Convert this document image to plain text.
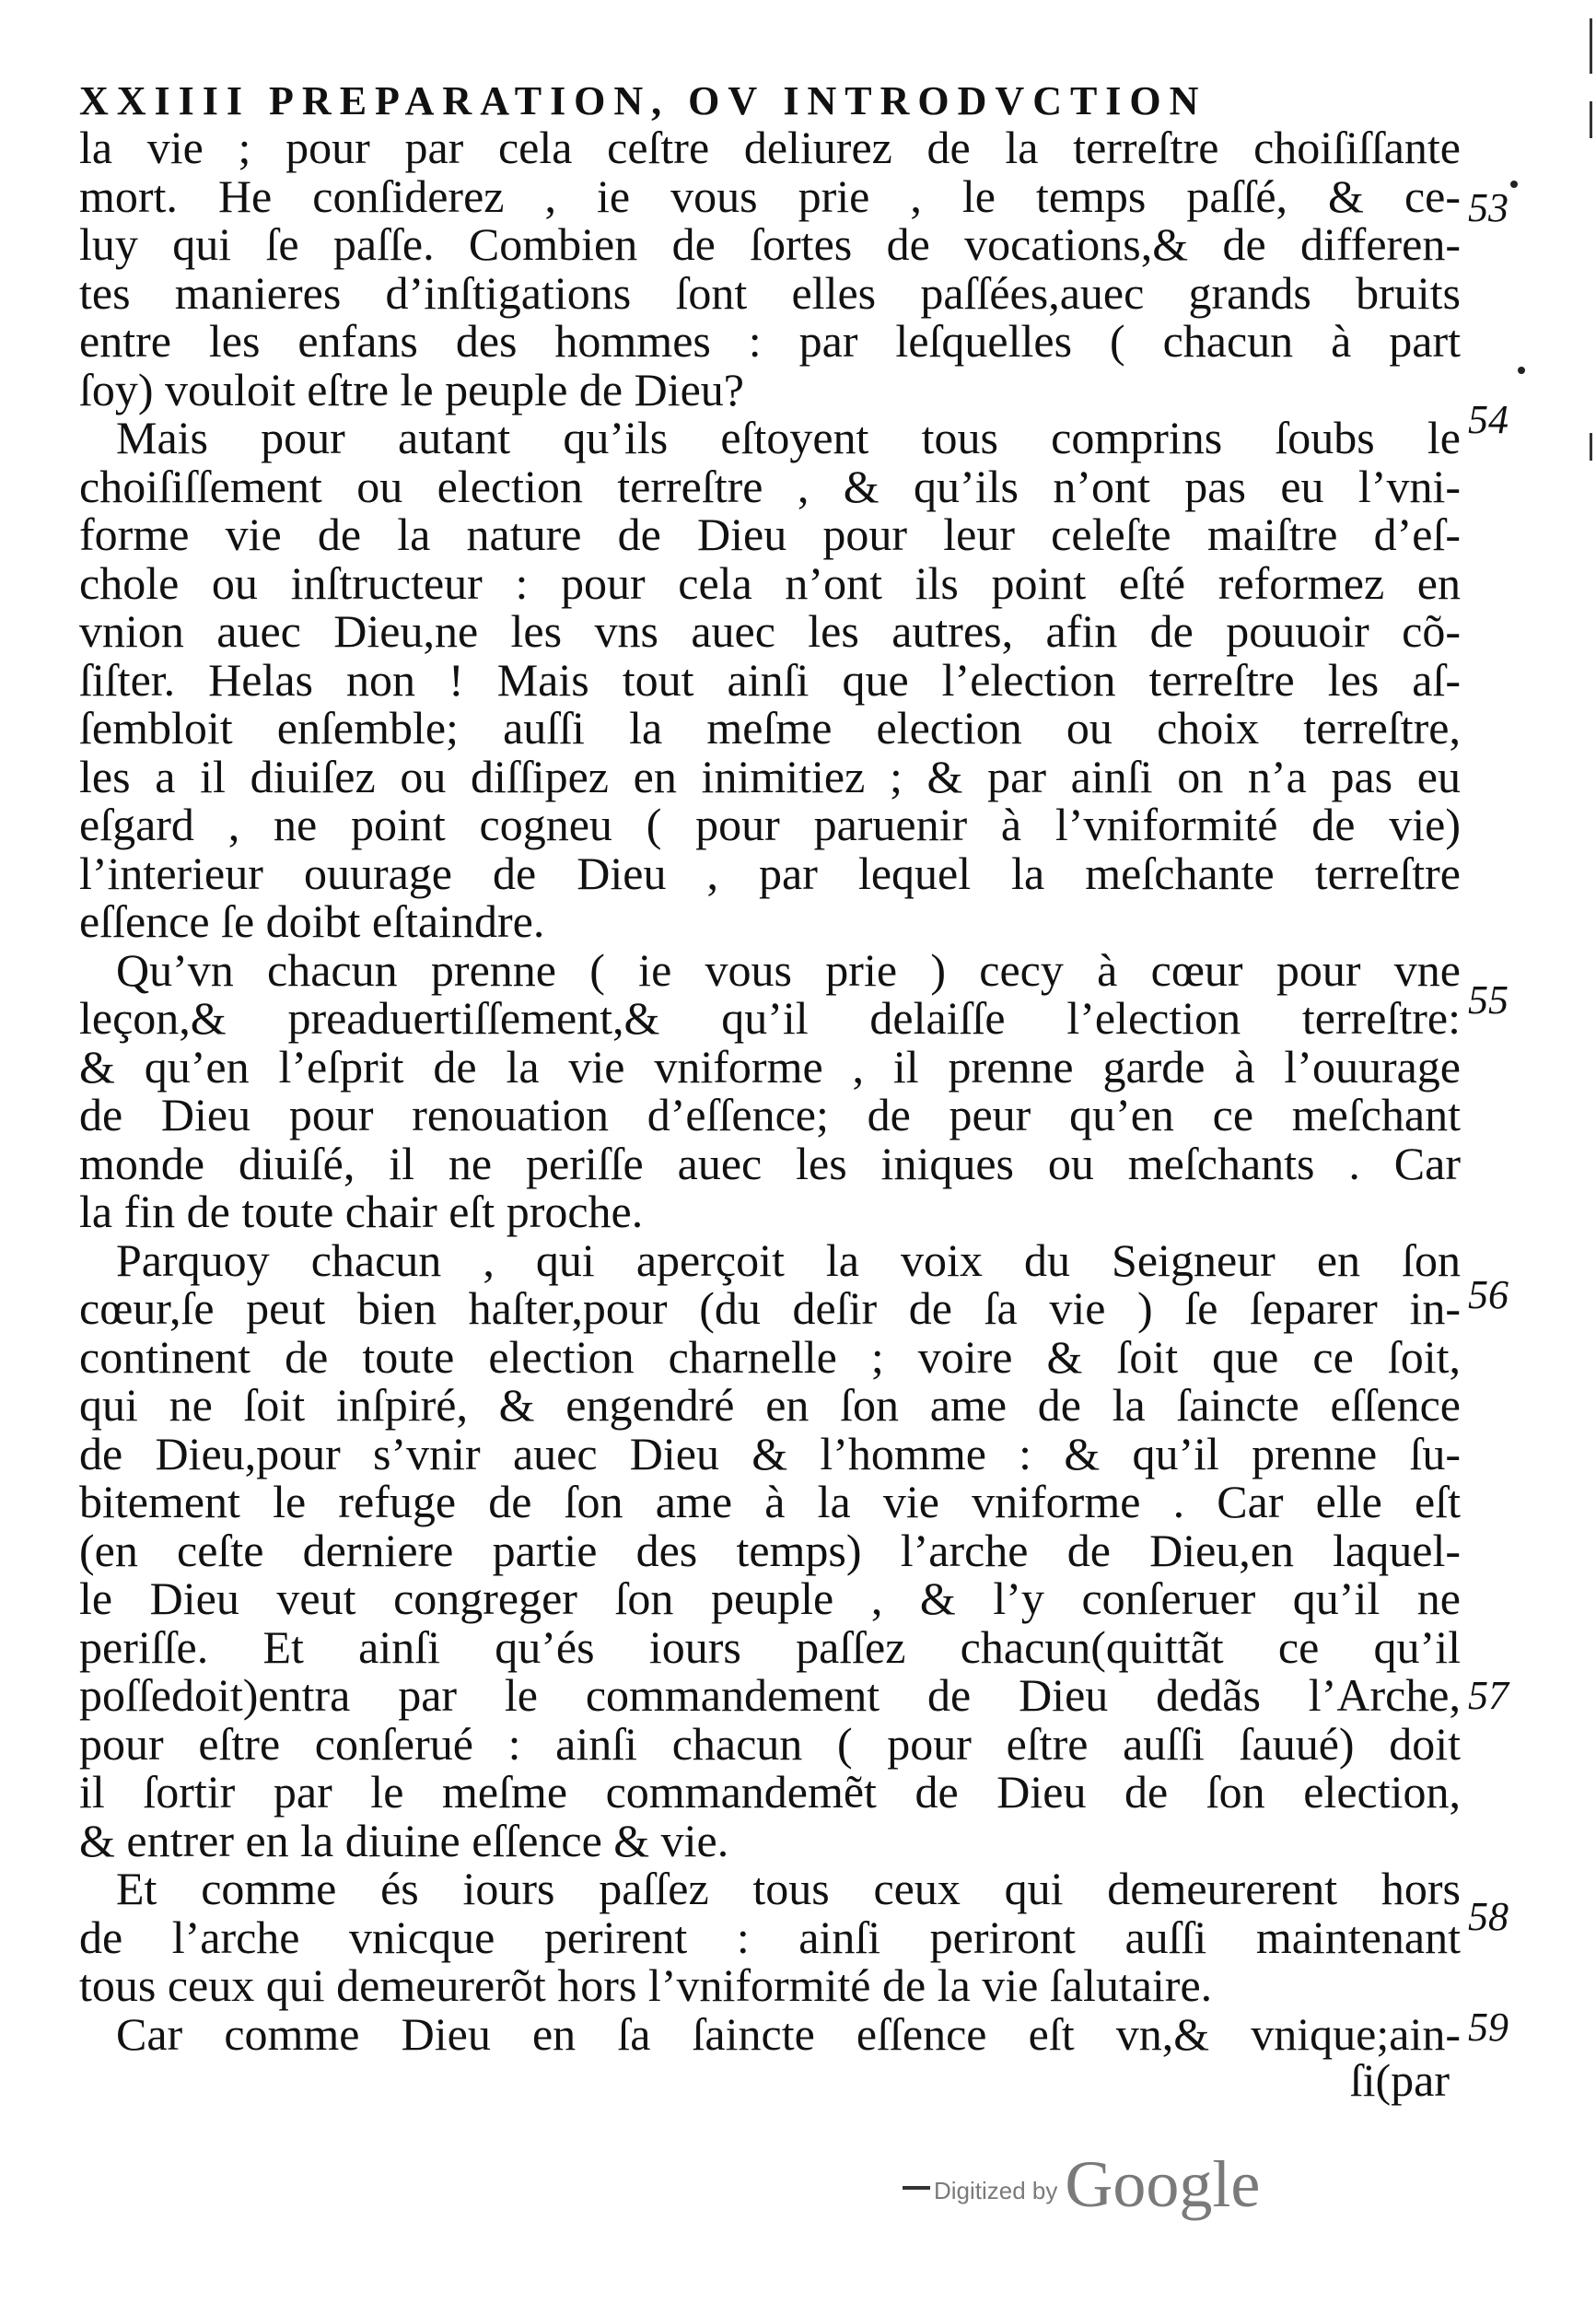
XXIIII PREPARATION, OV INTRODVCTION
la vie ; pour par cela ceſtre deliurez de la terreſtre choiſiſſante
mort. He conſiderez , ie vous prie , le temps paſſé, & ce-
luy qui ſe paſſe. Combien de ſortes de vocations,& de differen-
tes manieres d’inſtigations ſont elles paſſées,auec grands bruits
entre les enfans des hommes : par leſquelles ( chacun à part
ſoy) vouloit eſtre le peuple de Dieu?
Mais pour autant qu’ils eſtoyent tous comprins ſoubs le
choiſiſſement ou election terreſtre , & qu’ils n’ont pas eu l’vni-
forme vie de la nature de Dieu pour leur celeſte maiſtre d’eſ-
chole ou inſtructeur : pour cela n’ont ils point eſté reformez en
vnion auec Dieu,ne les vns auec les autres, afin de pouuoir cõ-
ſiſter. Helas non ! Mais tout ainſi que l’election terreſtre les aſ-
ſembloit enſemble; auſſi la meſme election ou choix terreſtre,
les a il diuiſez ou diſſipez en inimitiez ; & par ainſi on n’a pas eu
eſgard , ne point cogneu ( pour paruenir à l’vniformité de vie)
l’interieur ouurage de Dieu , par lequel la meſchante terreſtre
eſſence ſe doibt eſtaindre.
Qu’vn chacun prenne ( ie vous prie ) cecy à cœur pour vne
leçon,& preaduertiſſement,& qu’il delaiſſe l’election terreſtre:
& qu’en l’eſprit de la vie vniforme , il prenne garde à l’ouurage
de Dieu pour renouation d’eſſence; de peur qu’en ce meſchant
monde diuiſé, il ne periſſe auec les iniques ou meſchants . Car
la fin de toute chair eſt proche.
Parquoy chacun , qui aperçoit la voix du Seigneur en ſon
cœur,ſe peut bien haſter,pour (du deſir de ſa vie ) ſe ſeparer in-
continent de toute election charnelle ; voire & ſoit que ce ſoit,
qui ne ſoit inſpiré, & engendré en ſon ame de la ſaincte eſſence
de Dieu,pour s’vnir auec Dieu & l’homme : & qu’il prenne ſu-
bitement le refuge de ſon ame à la vie vniforme . Car elle eſt
(en ceſte derniere partie des temps) l’arche de Dieu,en laquel-
le Dieu veut congreger ſon peuple , & l’y conſeruer qu’il ne
periſſe. Et ainſi qu’és iours paſſez chacun(quittãt ce qu’il
poſſedoit)entra par le commandement de Dieu dedãs l’Arche,
pour eſtre conſerué : ainſi chacun ( pour eſtre auſſi ſauué) doit
il ſortir par le meſme commandemẽt de Dieu de ſon election,
& entrer en la diuine eſſence & vie.
Et comme és iours paſſez tous ceux qui demeurerent hors
de l’arche vnicque perirent : ainſi periront auſſi maintenant
tous ceux qui demeurerõt hors l’vniformité de la vie ſalutaire.
Car comme Dieu en ſa ſaincte eſſence eſt vn,& vnique;ain-
ſi(par
53
54
55
56
57
58
59
Digitized by Google
